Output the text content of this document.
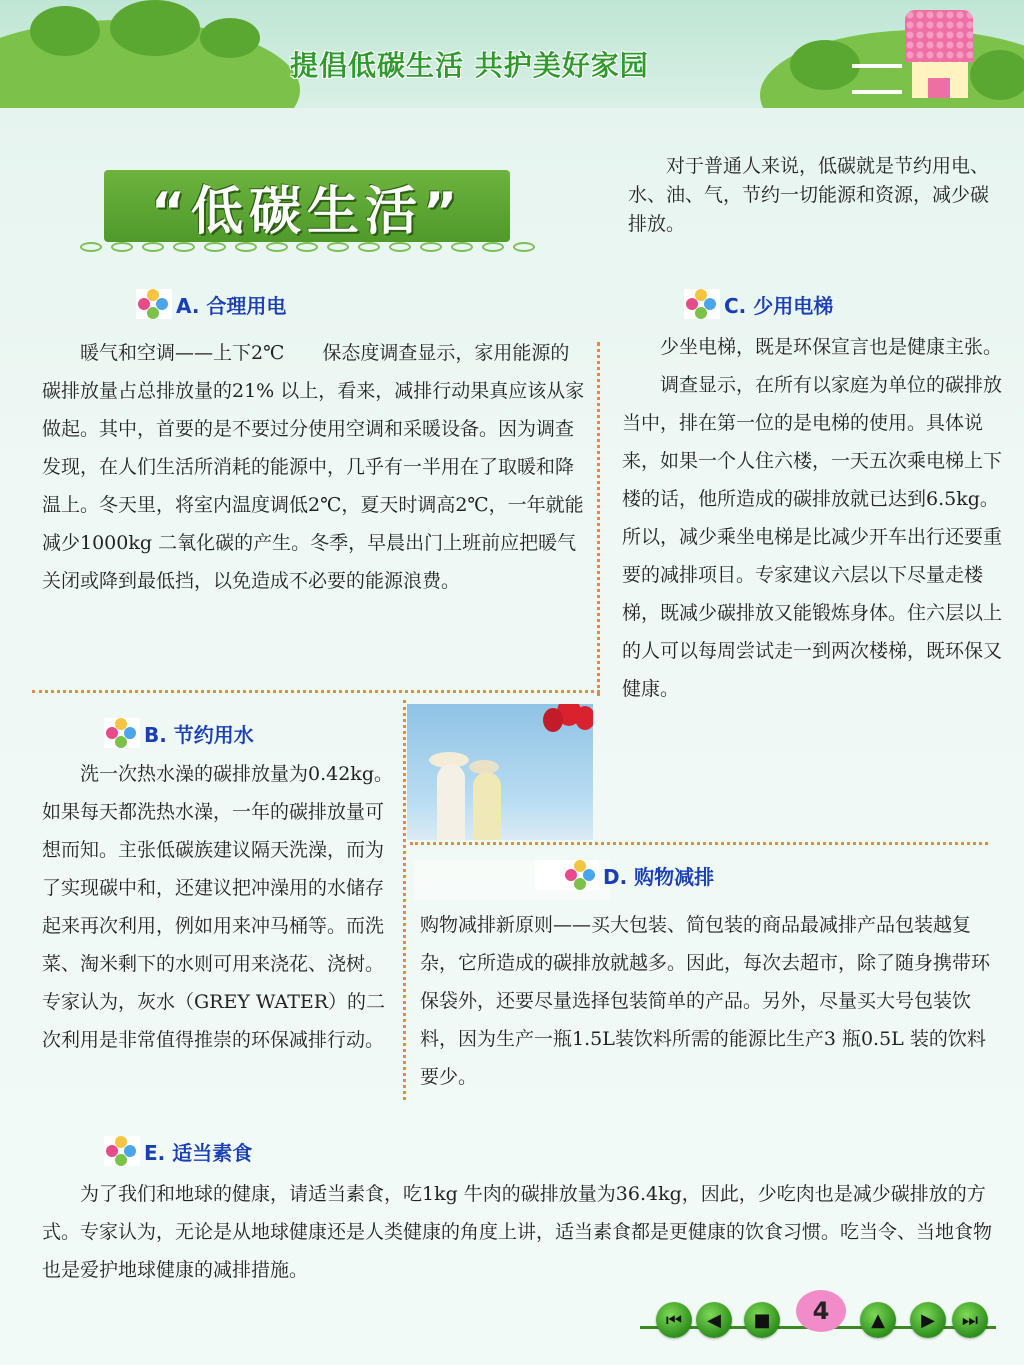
提倡低碳生活 共护美好家园
“低碳生活”
对于普通人来说，低碳就是节约用电、水、油、气，节约一切能源和资源，减少碳排放。
A. 合理用电

暖气和空调——上下2℃　　保态度调查显示，家用能源的碳排放量占总排放量的21% 以上，看来，减排行动果真应该从家做起。其中，首要的是不要过分使用空调和采暖设备。因为调查发现，在人们生活所消耗的能源中，几乎有一半用在了取暖和降温上。冬天里，将室内温度调低2℃，夏天时调高2℃，一年就能减少1000kg 二氧化碳的产生。冬季，早晨出门上班前应把暖气关闭或降到最低挡，以免造成不必要的能源浪费。

C. 少用电梯

少坐电梯，既是环保宣言也是健康主张。

调查显示，在所有以家庭为单位的碳排放当中，排在第一位的是电梯的使用。具体说来，如果一个人住六楼，一天五次乘电梯上下楼的话，他所造成的碳排放就已达到6.5kg。所以，减少乘坐电梯是比减少开车出行还要重要的减排项目。专家建议六层以下尽量走楼梯，既减少碳排放又能锻炼身体。住六层以上的人可以每周尝试走一到两次楼梯，既环保又健康。

B. 节约用水

洗一次热水澡的碳排放量为0.42kg。如果每天都洗热水澡，一年的碳排放量可想而知。主张低碳族建议隔天洗澡，而为了实现碳中和，还建议把冲澡用的水储存起来再次利用，例如用来冲马桶等。而洗菜、淘米剩下的水则可用来浇花、浇树。专家认为，灰水（GREY WATER）的二次利用是非常值得推崇的环保减排行动。

D. 购物减排

购物减排新原则——买大包装、简包装的商品最减排产品包装越复杂，它所造成的碳排放就越多。因此，每次去超市，除了随身携带环保袋外，还要尽量选择包装简单的产品。另外，尽量买大号包装饮料，因为生产一瓶1.5L装饮料所需的能源比生产3 瓶0.5L 装的饮料要少。

E. 适当素食

为了我们和地球的健康，请适当素食，吃1kg 牛肉的碳排放量为36.4kg，因此，少吃肉也是减少碳排放的方式。专家认为，无论是从地球健康还是人类健康的角度上讲，适当素食都是更健康的饮食习惯。吃当令、当地食物也是爱护地球健康的减排措施。

⏮	◀	■	4	▲	▶	⏭
